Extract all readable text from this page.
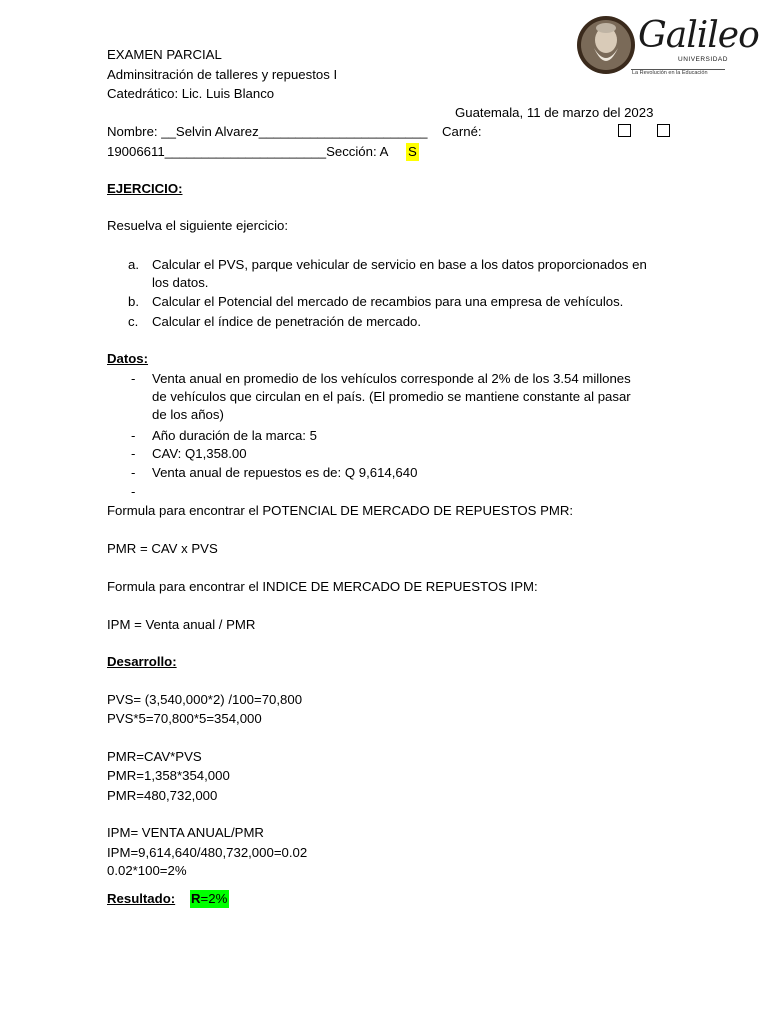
EXAMEN PARCIAL
Adminsitración de talleres y repuestos I
Catedrático: Lic. Luis Blanco
Galileo
UNIVERSIDAD
La Revolución en la Educación
Guatemala, 11 de marzo del 2023
Nombre: __Selvin Alvarez_______________________ Carné:
19006611______________________Sección: A S
EJERCICIO:
Resuelva el siguiente ejercicio:
a. Calcular el PVS, parque vehicular de servicio en base a los datos proporcionados en
los datos.
b. Calcular el Potencial del mercado de recambios para una empresa de vehículos.
c. Calcular el índice de penetración de mercado.
Datos:
- Venta anual en promedio de los vehículos corresponde al 2% de los 3.54 millones
de vehículos que circulan en el país. (El promedio se mantiene constante al pasar
de los años)
- Año duración de la marca: 5
- CAV: Q1,358.00
- Venta anual de repuestos es de: Q 9,614,640
-
Formula para encontrar el POTENCIAL DE MERCADO DE REPUESTOS PMR:
PMR = CAV x PVS
Formula para encontrar el INDICE DE MERCADO DE REPUESTOS IPM:
IPM = Venta anual / PMR
Desarrollo:
PVS= (3,540,000*2) /100=70,800
PVS*5=70,800*5=354,000
PMR=CAV*PVS
PMR=1,358*354,000
PMR=480,732,000
IPM= VENTA ANUAL/PMR
IPM=9,614,640/480,732,000=0.02
0.02*100=2%
Resultado: R=2%
